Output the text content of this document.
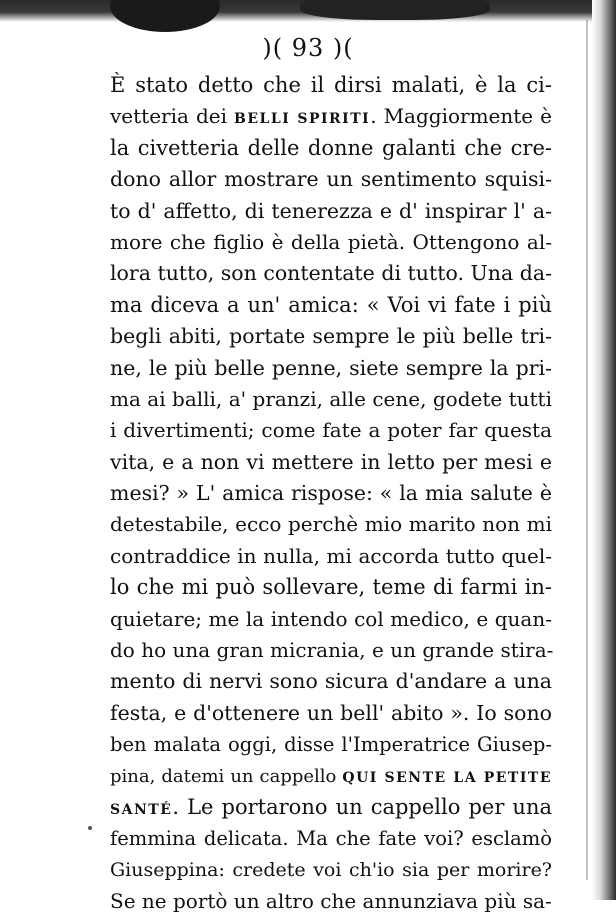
)( 93 )(
È stato detto che il dirsi malati, è la ci-
vetteria dei BELLI SPIRITI. Maggiormente è
la civetteria delle donne galanti che cre-
dono allor mostrare un sentimento squisi-
to d' affetto, di tenerezza e d' inspirar l' a-
more che figlio è della pietà. Ottengono al-
lora tutto, son contentate di tutto. Una da-
ma diceva a un' amica: « Voi vi fate i più
begli abiti, portate sempre le più belle tri-
ne, le più belle penne, siete sempre la pri-
ma ai balli, a' pranzi, alle cene, godete tutti
i divertimenti; come fate a poter far questa
vita, e a non vi mettere in letto per mesi e
mesi? » L' amica rispose: « la mia salute è
detestabile, ecco perchè mio marito non mi
contraddice in nulla, mi accorda tutto quel-
lo che mi può sollevare, teme di farmi in-
quietare; me la intendo col medico, e quan-
do ho una gran micrania, e un grande stira-
mento di nervi sono sicura d'andare a una
festa, e d'ottenere un bell' abito ». Io sono
ben malata oggi, disse l'Imperatrice Giusep-
pina, datemi un cappello QUI SENTE LA PETITE
SANTÉ. Le portarono un cappello per una
femmina delicata. Ma che fate voi? esclamò
Giuseppina: credete voi ch'io sia per morire?
Se ne portò un altro che annunziava più sa-
